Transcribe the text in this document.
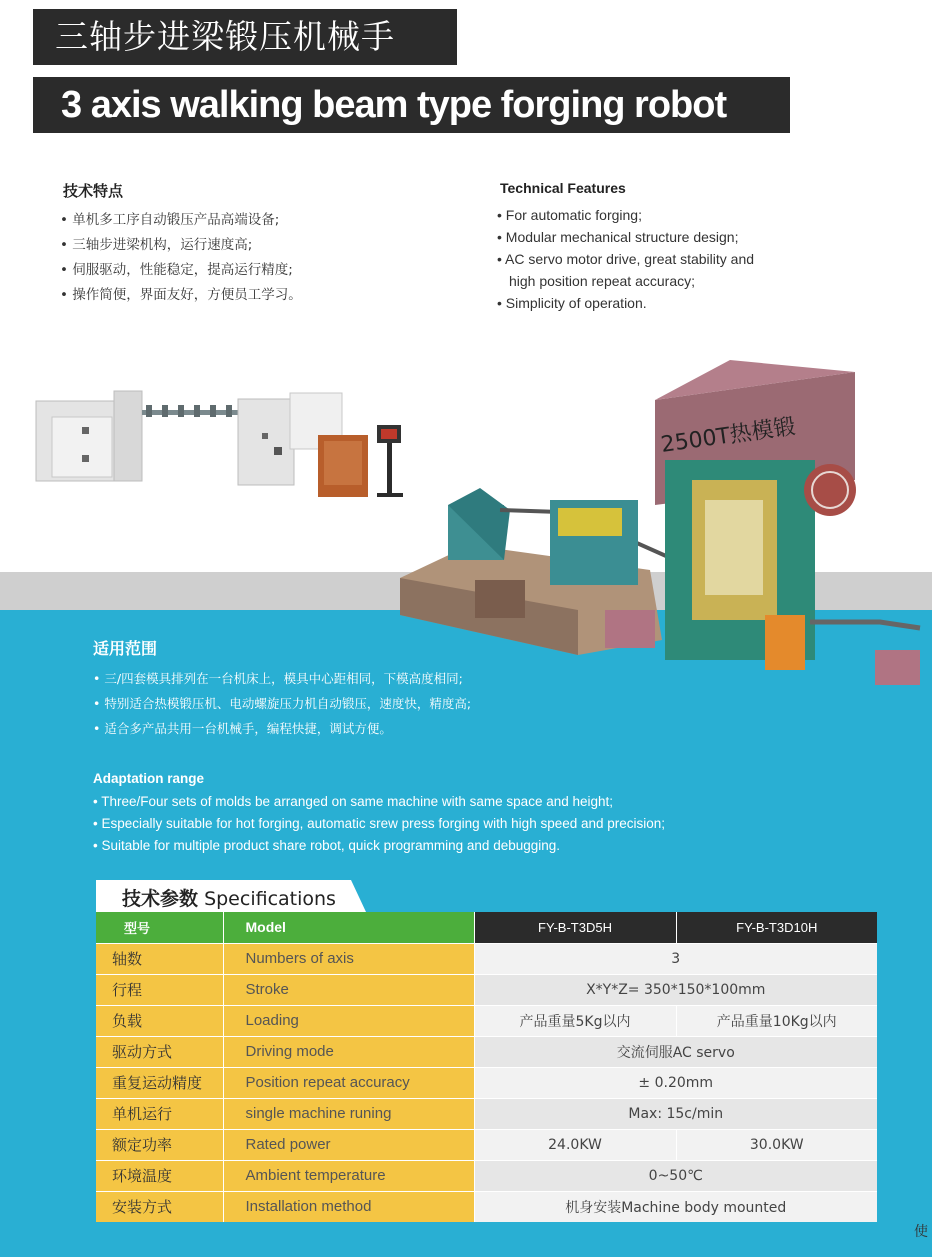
三轴步进梁锻压机械手
3 axis walking beam type forging robot
技术特点
• 单机多工序自动锻压产品高端设备;
• 三轴步进梁机构，运行速度高;
• 伺服驱动，性能稳定，提高运行精度;
• 操作简便，界面友好，方便员工学习。
Technical Features
• For automatic forging;
• Modular mechanical structure design;
• AC servo motor drive, great stability and high position repeat accuracy;
• Simplicity of operation.
2500T热模锻
适用范围
• 三/四套模具排列在一台机床上，模具中心距相同，下模高度相同;
• 特别适合热模锻压机、电动螺旋压力机自动锻压，速度快，精度高;
• 适合多产品共用一台机械手，编程快捷，调试方便。
Adaptation range
• Three/Four sets of molds be arranged on same machine with same space and height;
• Especially suitable for hot forging, automatic srew press forging with high speed and precision;
• Suitable for multiple product share robot, quick programming and debugging.
技术参数 Specifications
型号	Model	FY-B-T3D5H	FY-B-T3D10H
轴数	Numbers of axis	3	
行程	Stroke	X*Y*Z= 350*150*100mm	
负载	Loading	产品重量5Kg以内	产品重量10Kg以内
驱动方式	Driving mode	交流伺服AC servo	
重复运动精度	Position repeat accuracy	± 0.20mm	
单机运行	single machine runing	Max: 15c/min	
额定功率	Rated power	24.0KW	30.0KW
环境温度	Ambient temperature	0~50℃	
安装方式	Installation method	机身安装Machine body mounted	
使
